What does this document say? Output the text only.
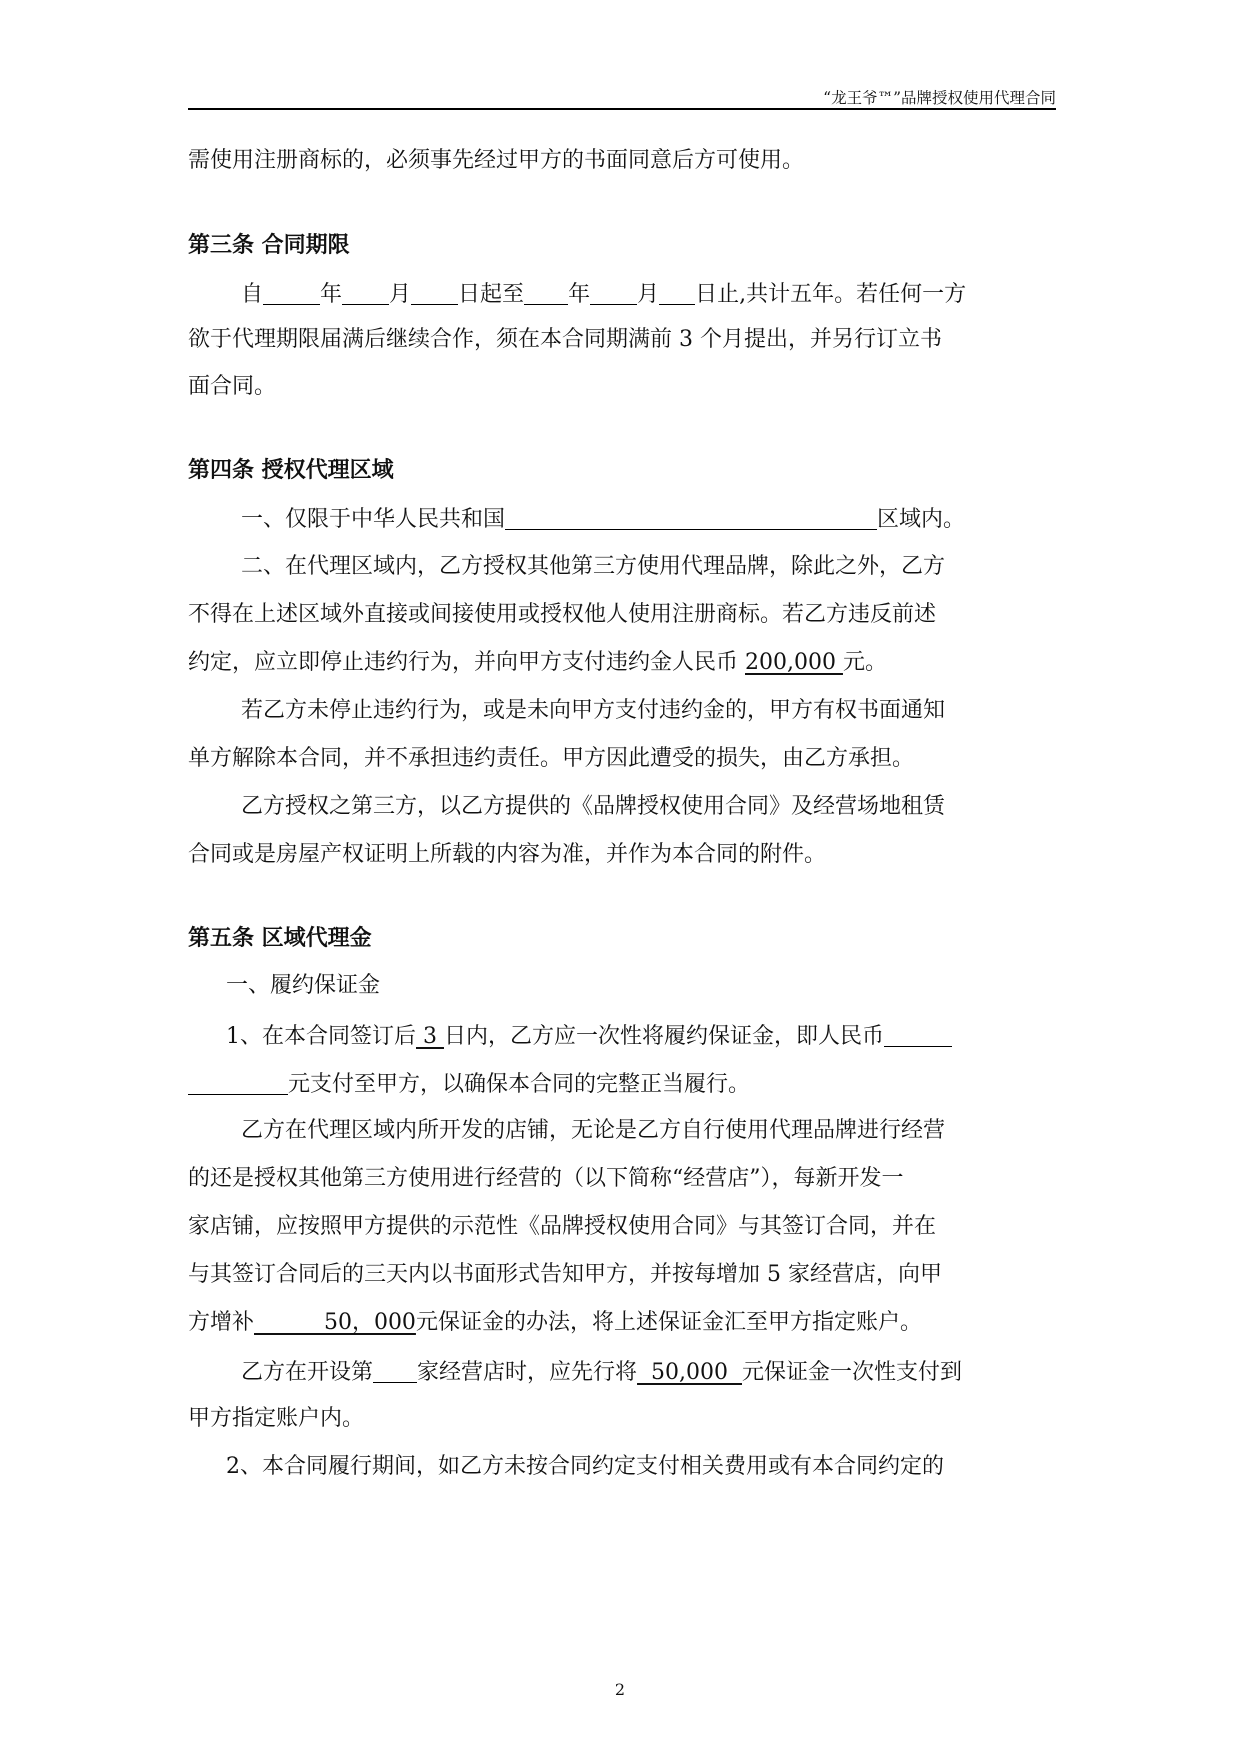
“龙王爷™”品牌授权使用代理合同
需使用注册商标的，必须事先经过甲方的书面同意后方可使用。
第三条 合同期限
自	年 月 日起至 年 月 日止,共计五年。若任何一方
欲于代理期限届满后继续合作，须在本合同期满前 3 个月提出，并另行订立书
面合同。
第四条 授权代理区域
一、仅限于中华人民共和国	区域内。
二、在代理区域内，乙方授权其他第三方使用代理品牌，除此之外，乙方
不得在上述区域外直接或间接使用或授权他人使用注册商标。若乙方违反前述
约定，应立即停止违约行为，并向甲方支付违约金人民币 200,000 元。
若乙方未停止违约行为，或是未向甲方支付违约金的，甲方有权书面通知
单方解除本合同，并不承担违约责任。甲方因此遭受的损失，由乙方承担。
乙方授权之第三方，以乙方提供的《品牌授权使用合同》及经营场地租赁
合同或是房屋产权证明上所载的内容为准，并作为本合同的附件。
第五条 区域代理金
一、履约保证金
1、在本合同签订后 3 日内，乙方应一次性将履约保证金，即人民币
元支付至甲方，以确保本合同的完整正当履行。
乙方在代理区域内所开发的店铺，无论是乙方自行使用代理品牌进行经营
的还是授权其他第三方使用进行经营的（以下简称“经营店”），每新开发一
家店铺，应按照甲方提供的示范性《品牌授权使用合同》与其签订合同，并在
与其签订合同后的三天内以书面形式告知甲方，并按每增加 5 家经营店，向甲
方增补          50，000元保证金的办法，将上述保证金汇至甲方指定账户。
乙方在开设第 家经营店时，应先行将  50,000  元保证金一次性支付到
甲方指定账户内。
2、本合同履行期间，如乙方未按合同约定支付相关费用或有本合同约定的
2
